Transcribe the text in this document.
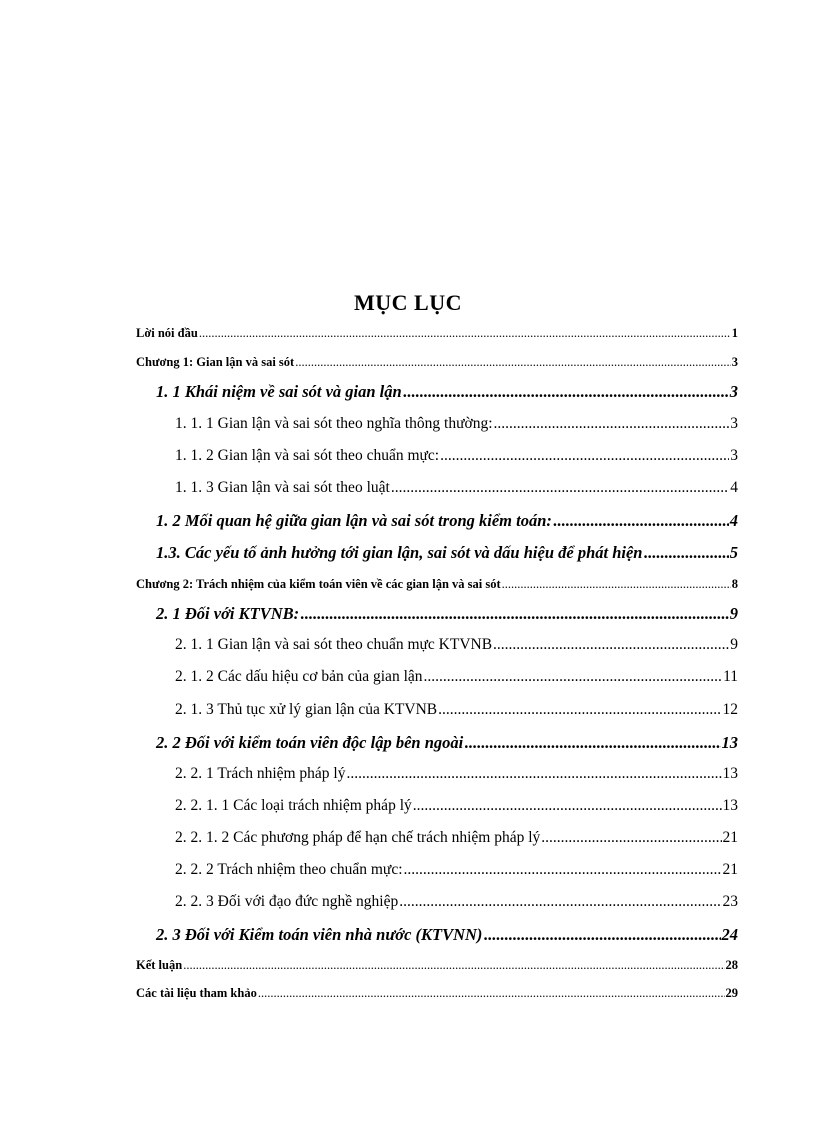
MỤC LỤC
Lời nói đầu .....	1
Chương 1: Gian lận và sai sót .....	3
1. 1 Khái niệm về sai sót và gian lận .....	3
1. 1. 1 Gian lận và sai sót theo nghĩa thông thường: .....	3
1. 1. 2 Gian lận và sai sót theo chuẩn mực: .....	3
1. 1. 3 Gian lận và sai sót theo luật .....	4
1. 2 Mối quan hệ giữa gian lận và sai sót trong kiểm toán: .....	4
1.3. Các yếu tố ảnh hưởng tới gian lận, sai sót và dấu hiệu để phát hiện .....	5
Chương 2: Trách nhiệm của kiểm toán viên về các gian lận và sai sót .....	8
2. 1 Đối với KTVNB: .....	9
2. 1. 1 Gian lận và sai sót theo chuẩn mực KTVNB .....	9
2. 1. 2 Các dấu hiệu cơ bản của gian lận .....	11
2. 1. 3 Thủ tục xử lý gian lận của KTVNB .....	12
2. 2 Đối với kiểm toán viên độc lập bên ngoài .....	13
2. 2. 1 Trách nhiệm pháp lý .....	13
2. 2. 1. 1 Các loại trách nhiệm pháp lý .....	13
2. 2. 1. 2 Các phương pháp để hạn chế trách nhiệm pháp lý .....	21
2. 2. 2 Trách nhiệm theo chuẩn mực: .....	21
2. 2. 3 Đối với đạo đức nghề nghiệp .....	23
2. 3 Đối với Kiểm toán viên nhà nước (KTVNN) .....	24
Kết luận .....	28
Các tài liệu tham khảo .....	29
